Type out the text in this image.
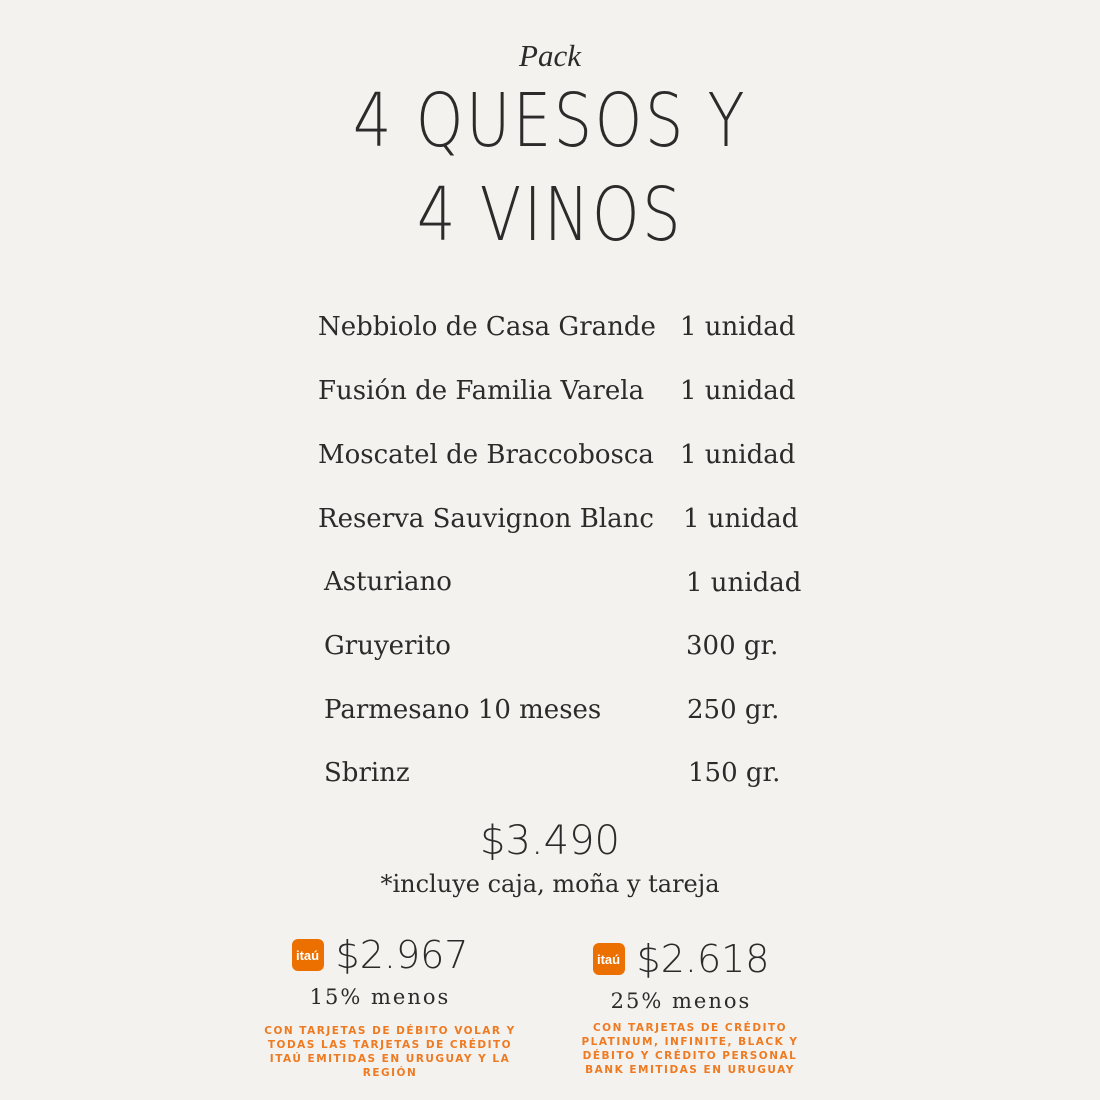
Pack
4 QUESOS Y
4 VINOS
Nebbiolo de Casa Grande 1 unidad
Fusión de Familia Varela 1 unidad
Moscatel de Braccobosca 1 unidad
Reserva Sauvignon Blanc 1 unidad
Asturiano	1 unidad
Gruyerito	300 gr.
Parmesano 10 meses	250 gr.
Sbrinz	150 gr.
$3.490
*incluye caja, moña y tareja
itaú $2.967
15% menos
CON TARJETAS DE DÉBITO VOLAR Y TODAS LAS TARJETAS DE CRÉDITO ITAÚ EMITIDAS EN URUGUAY Y LA REGIÓN
itaú $2.618
25% menos
CON TARJETAS DE CRÉDITO PLATINUM, INFINITE, BLACK Y DÉBITO Y CRÉDITO PERSONAL BANK EMITIDAS EN URUGUAY
